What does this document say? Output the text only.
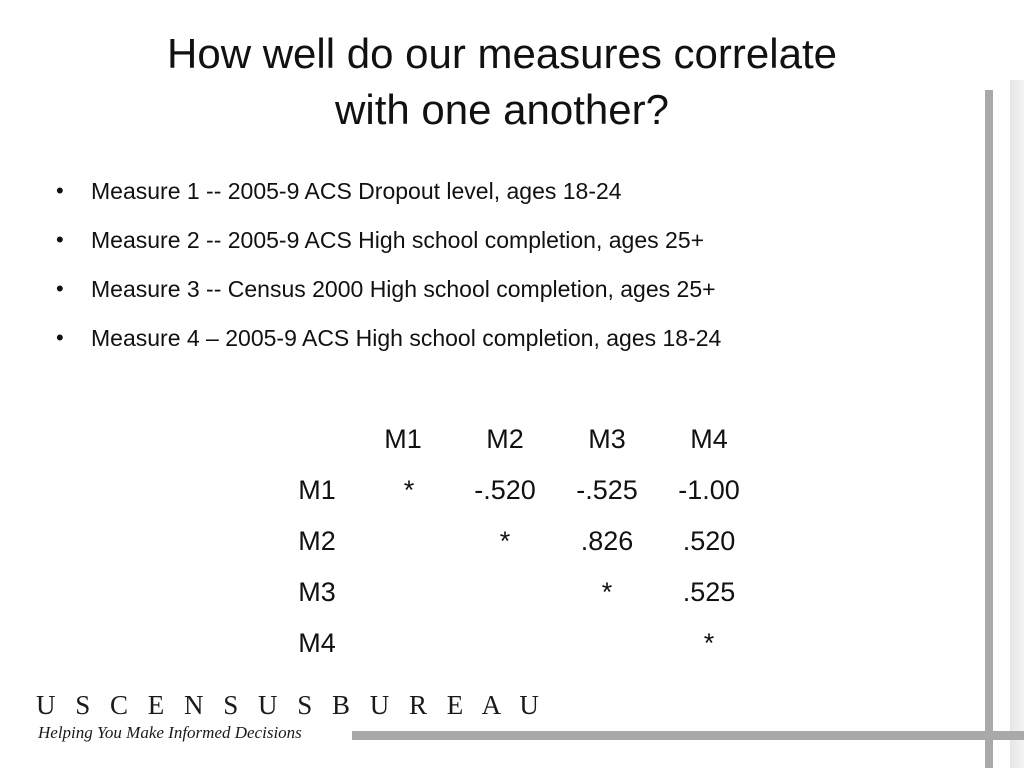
How well do our measures correlate
with one another?
• Measure 1 -- 2005-9 ACS Dropout level, ages 18-24
• Measure 2 -- 2005-9 ACS High school completion, ages 25+
• Measure 3 -- Census 2000 High school completion, ages 25+
• Measure 4 – 2005-9 ACS High school completion, ages 18-24
	M1	M2	M3	M4
M1	*	-.520	-.525	-1.00
M2		*	.826	.520
M3			*	.525
M4				*
U S C E N S U S B U R E A U
Helping You Make Informed Decisions
